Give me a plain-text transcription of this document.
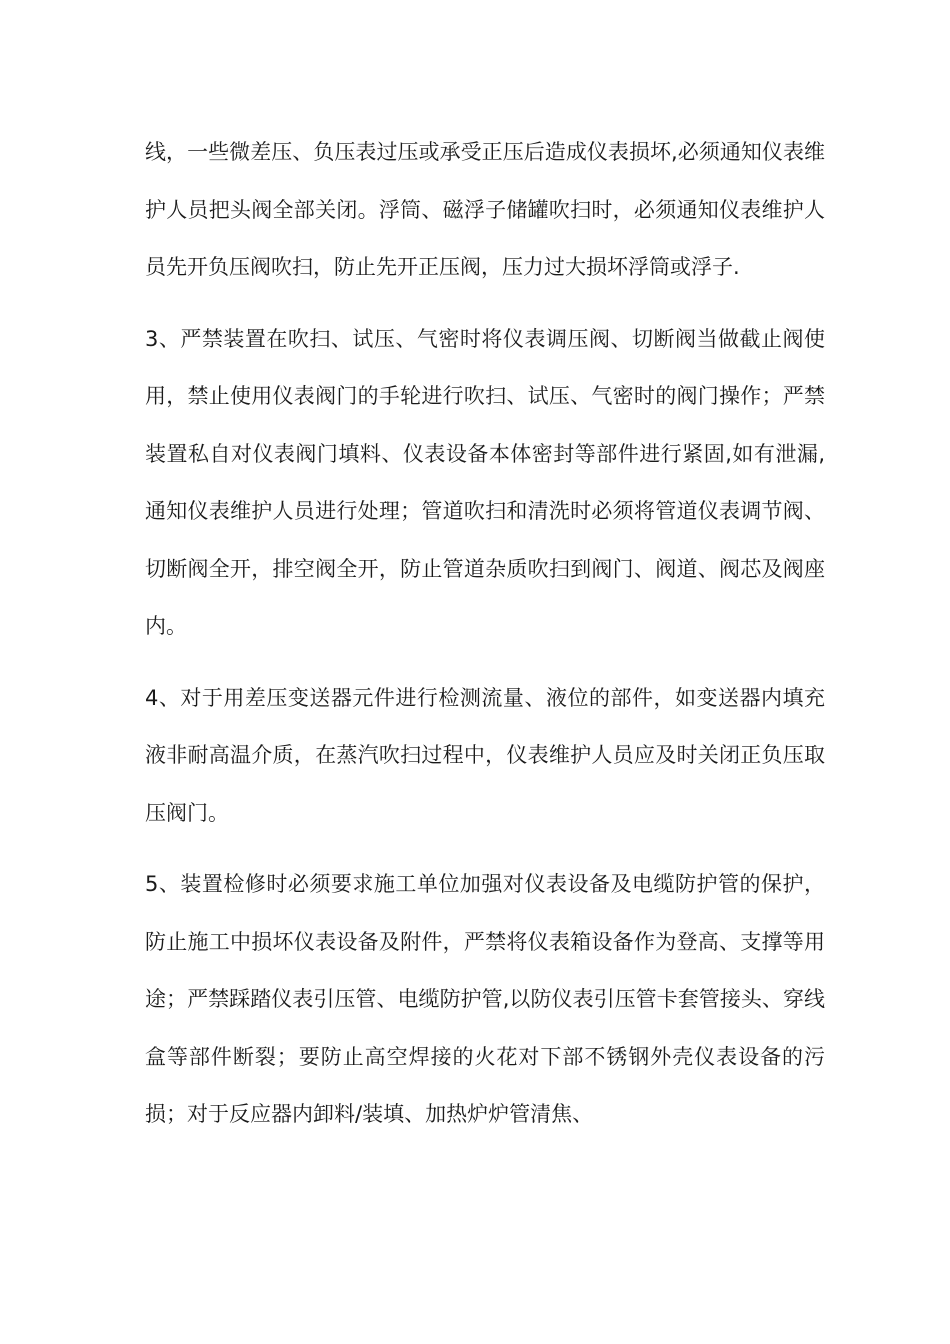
线，一些微差压、负压表过压或承受正压后造成仪表损坏,必须通知仪表维护人员把头阀全部关闭。浮筒、磁浮子储罐吹扫时，必须通知仪表维护人员先开负压阀吹扫，防止先开正压阀，压力过大损坏浮筒或浮子.

3、严禁装置在吹扫、试压、气密时将仪表调压阀、切断阀当做截止阀使用，禁止使用仪表阀门的手轮进行吹扫、试压、气密时的阀门操作；严禁装置私自对仪表阀门填料、仪表设备本体密封等部件进行紧固,如有泄漏,通知仪表维护人员进行处理；管道吹扫和清洗时必须将管道仪表调节阀、切断阀全开，排空阀全开，防止管道杂质吹扫到阀门、阀道、阀芯及阀座内。

4、对于用差压变送器元件进行检测流量、液位的部件，如变送器内填充液非耐高温介质，在蒸汽吹扫过程中，仪表维护人员应及时关闭正负压取压阀门。

5、装置检修时必须要求施工单位加强对仪表设备及电缆防护管的保护，防止施工中损坏仪表设备及附件，严禁将仪表箱设备作为登高、支撑等用途；严禁踩踏仪表引压管、电缆防护管,以防仪表引压管卡套管接头、穿线盒等部件断裂；要防止高空焊接的火花对下部不锈钢外壳仪表设备的污损；对于反应器内卸料/装填、加热炉炉管清焦、
